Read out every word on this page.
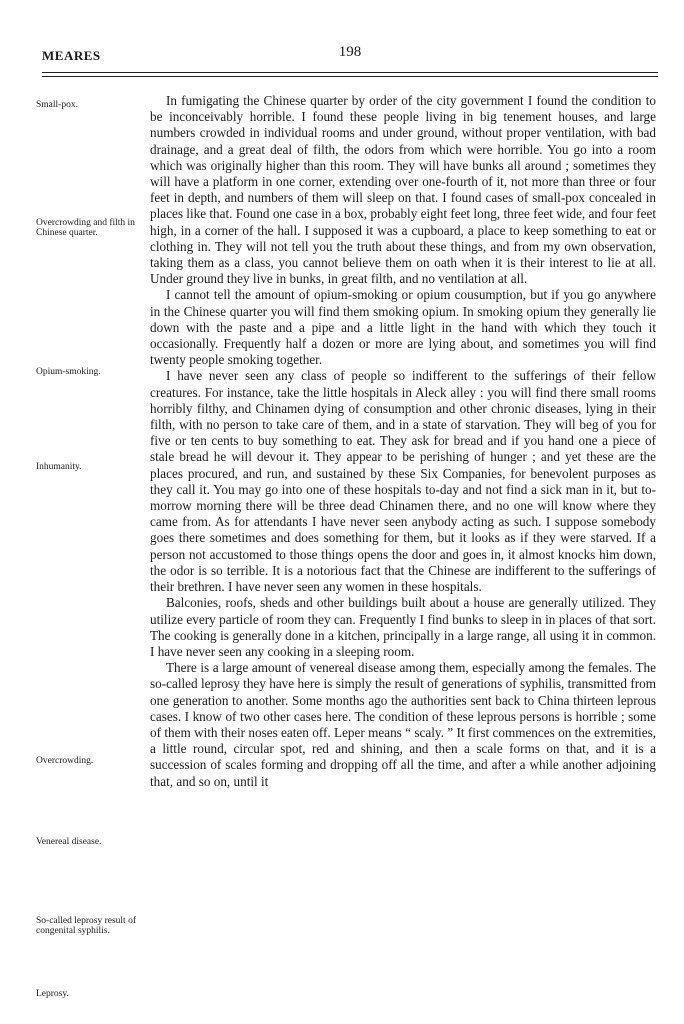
MEARES	198
Small-pox.
Overcrowding and filth in Chinese quarter.
Opium-smoking.
Inhumanity.
Overcrowding.
Venereal disease.
So-called leprosy result of congenital syphilis.
Leprosy.

In fumigating the Chinese quarter by order of the city government I found the condition to be inconceivably horrible. I found these people living in big tenement houses, and large numbers crowded in individual rooms and under ground, without proper ventilation, with bad drainage, and a great deal of filth, the odors from which were horrible. You go into a room which was originally higher than this room. They will have bunks all around ; sometimes they will have a platform in one corner, extending over one-fourth of it, not more than three or four feet in depth, and numbers of them will sleep on that. I found cases of small-pox concealed in places like that. Found one case in a box, probably eight feet long, three feet wide, and four feet high, in a corner of the hall. I supposed it was a cupboard, a place to keep something to eat or clothing in. They will not tell you the truth about these things, and from my own observation, taking them as a class, you cannot believe them on oath when it is their interest to lie at all. Under ground they live in bunks, in great filth, and no ventilation at all.

I cannot tell the amount of opium-smoking or opium cousumption, but if you go anywhere in the Chinese quarter you will find them smoking opium. In smoking opium they generally lie down with the paste and a pipe and a little light in the hand with which they touch it occasionally. Frequently half a dozen or more are lying about, and sometimes you will find twenty people smoking together.

I have never seen any class of people so indifferent to the sufferings of their fellow creatures. For instance, take the little hospitals in Aleck alley : you will find there small rooms horribly filthy, and Chinamen dying of consumption and other chronic diseases, lying in their filth, with no person to take care of them, and in a state of starvation. They will beg of you for five or ten cents to buy something to eat. They ask for bread and if you hand one a piece of stale bread he will devour it. They appear to be perishing of hunger ; and yet these are the places procured, and run, and sustained by these Six Companies, for benevolent purposes as they call it. You may go into one of these hospitals to-day and not find a sick man in it, but to-morrow morning there will be three dead Chinamen there, and no one will know where they came from. As for attendants I have never seen anybody acting as such. I suppose somebody goes there sometimes and does something for them, but it looks as if they were starved. If a person not accustomed to those things opens the door and goes in, it almost knocks him down, the odor is so terrible. It is a notorious fact that the Chinese are indifferent to the sufferings of their brethren. I have never seen any women in these hospitals.

Balconies, roofs, sheds and other buildings built about a house are generally utilized. They utilize every particle of room they can. Frequently I find bunks to sleep in in places of that sort. The cooking is generally done in a kitchen, principally in a large range, all using it in common. I have never seen any cooking in a sleeping room.

There is a large amount of venereal disease among them, especially among the females. The so-called leprosy they have here is simply the result of generations of syphilis, transmitted from one generation to another. Some months ago the authorities sent back to China thirteen leprous cases. I know of two other cases here. The condition of these leprous persons is horrible ; some of them with their noses eaten off. Leper means “ scaly. ” It first commences on the extremities, a little round, circular spot, red and shining, and then a scale forms on that, and it is a succession of scales forming and dropping off all the time, and after a while another adjoining that, and so on, until it
